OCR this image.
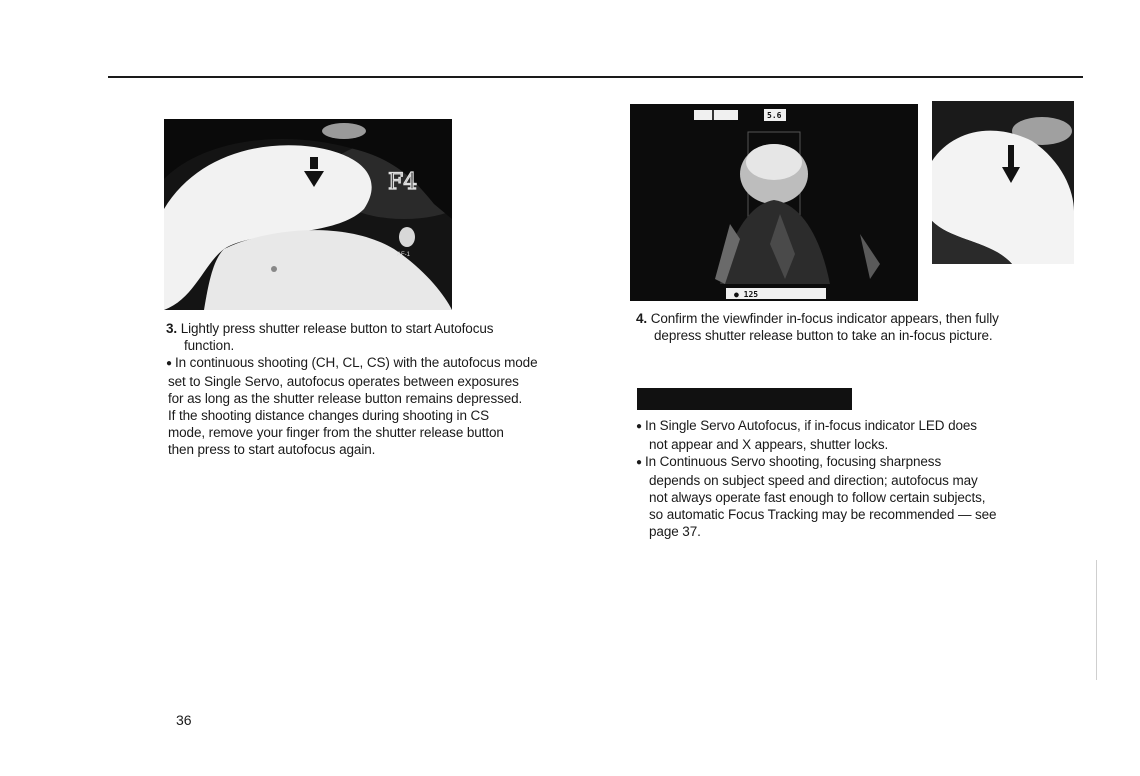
F4
AF-1
5.6
● 125

3. Lightly press shutter release button to start Autofocus

function.

● In continuous shooting (CH, CL, CS) with the autofocus mode

set to Single Servo, autofocus operates between exposures

for as long as the shutter release button remains depressed.

If the shooting distance changes during shooting in CS

mode, remove your finger from the shutter release button

then press to start autofocus again.

4. Confirm the viewfinder in-focus indicator appears, then fully

depress shutter release button to take an in-focus picture.

● In Single Servo Autofocus, if in-focus indicator LED does

not appear and X appears, shutter locks.

● In Continuous Servo shooting, focusing sharpness

depends on subject speed and direction; autofocus may

not always operate fast enough to follow certain subjects,

so automatic Focus Tracking may be recommended — see

page 37.

36
